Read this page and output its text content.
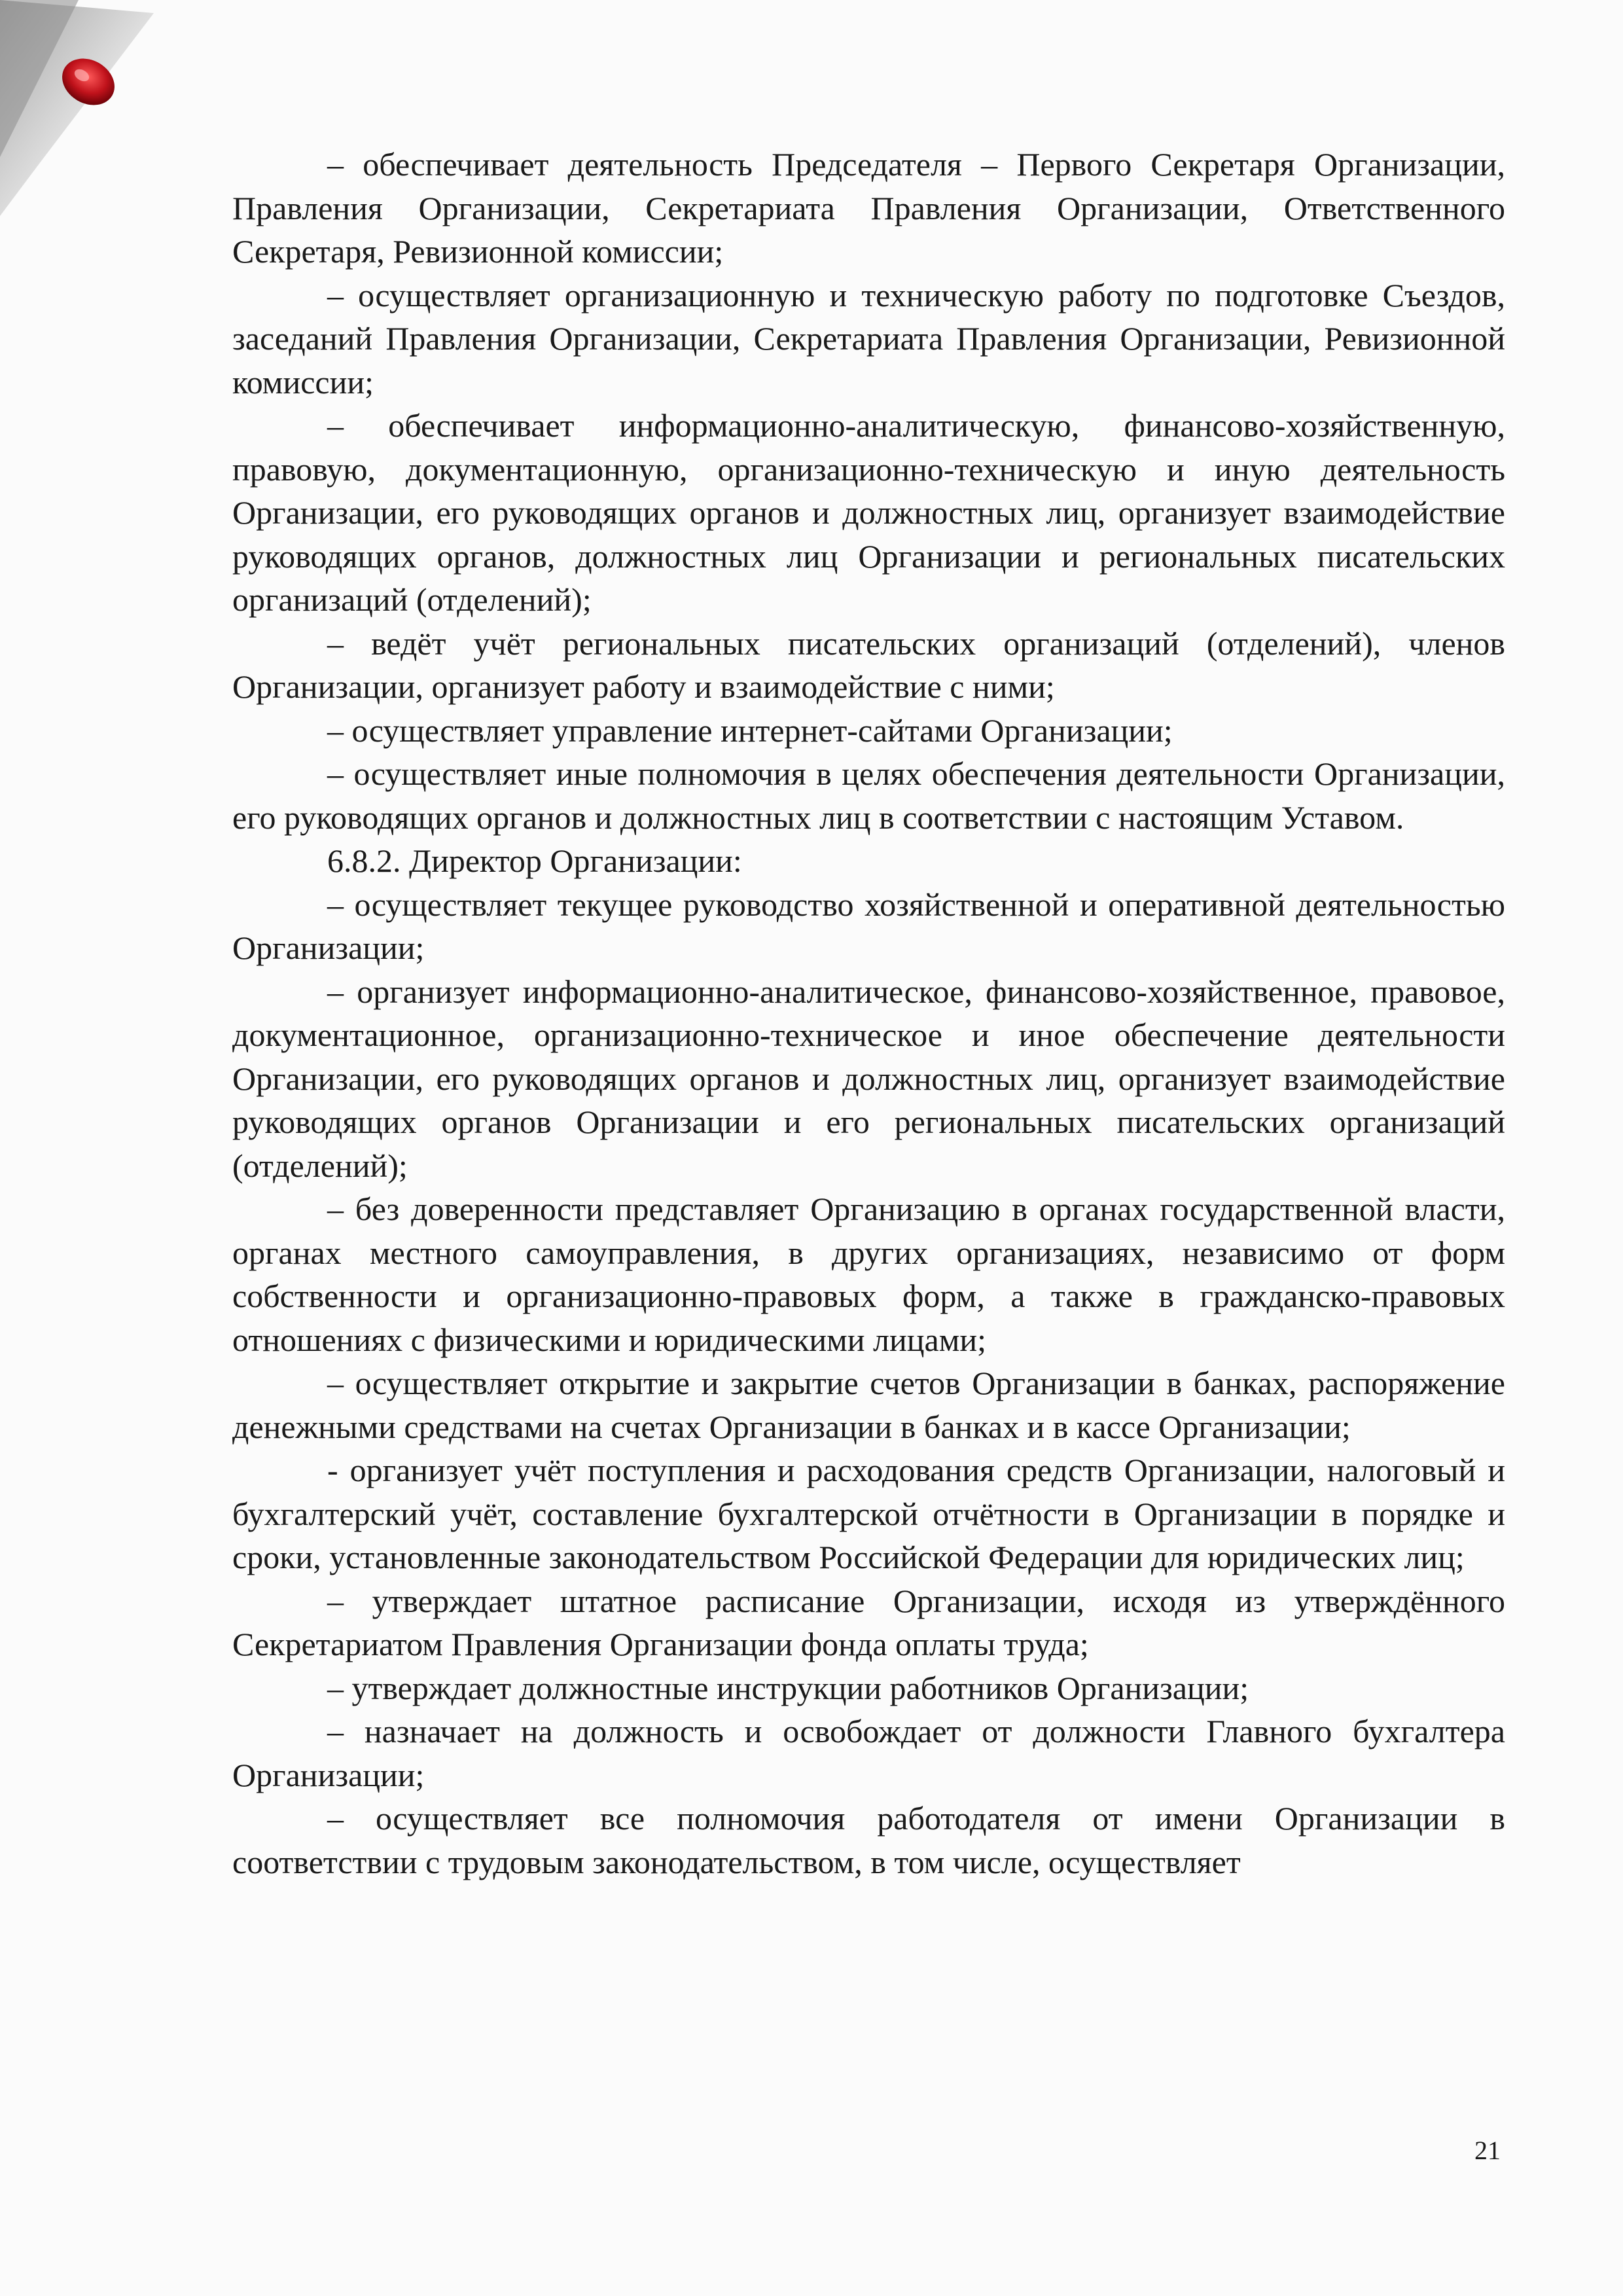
– обеспечивает деятельность Председателя – Первого Секретаря Организации, Правления Организации, Секретариата Правления Организации, Ответственного Секретаря, Ревизионной комиссии;

– осуществляет организационную и техническую работу по подготовке Съездов, заседаний Правления Организации, Секретариата Правления Организации, Ревизионной комиссии;

– обеспечивает информационно-аналитическую, финансово-хозяйственную, правовую, документационную, организационно-техническую и иную деятельность Организации, его руководящих органов и должностных лиц, организует взаимодействие руководящих органов, должностных лиц Организации и региональных писательских организаций (отделений);

– ведёт учёт региональных писательских организаций (отделений), членов Организации, организует работу и взаимодействие с ними;

– осуществляет управление интернет-сайтами Организации;

– осуществляет иные полномочия в целях обеспечения деятельности Организации, его руководящих органов и должностных лиц в соответствии с настоящим Уставом.

6.8.2. Директор Организации:

– осуществляет текущее руководство хозяйственной и оперативной деятельностью Организации;

– организует информационно-аналитическое, финансово-хозяйственное, правовое, документационное, организационно-техническое и иное обеспечение деятельности Организации, его руководящих органов и должностных лиц, организует взаимодействие руководящих органов Организации и его региональных писательских организаций (отделений);

– без доверенности представляет Организацию в органах государственной власти, органах местного самоуправления, в других организациях, независимо от форм собственности и организационно-правовых форм, а также в гражданско-правовых отношениях с физическими и юридическими лицами;

– осуществляет открытие и закрытие счетов Организации в банках, распоряжение денежными средствами на счетах Организации в банках и в кассе Организации;

- организует учёт поступления и расходования средств Организации, налоговый и бухгалтерский учёт, составление бухгалтерской отчётности в Организации в порядке и сроки, установленные законодательством Российской Федерации для юридических лиц;

– утверждает штатное расписание Организации, исходя из утверждённого Секретариатом Правления Организации фонда оплаты труда;

– утверждает должностные инструкции работников Организации;

– назначает на должность и освобождает от должности Главного бухгалтера Организации;

– осуществляет все полномочия работодателя от имени Организации в соответствии с трудовым законодательством, в том числе, осуществляет

21
